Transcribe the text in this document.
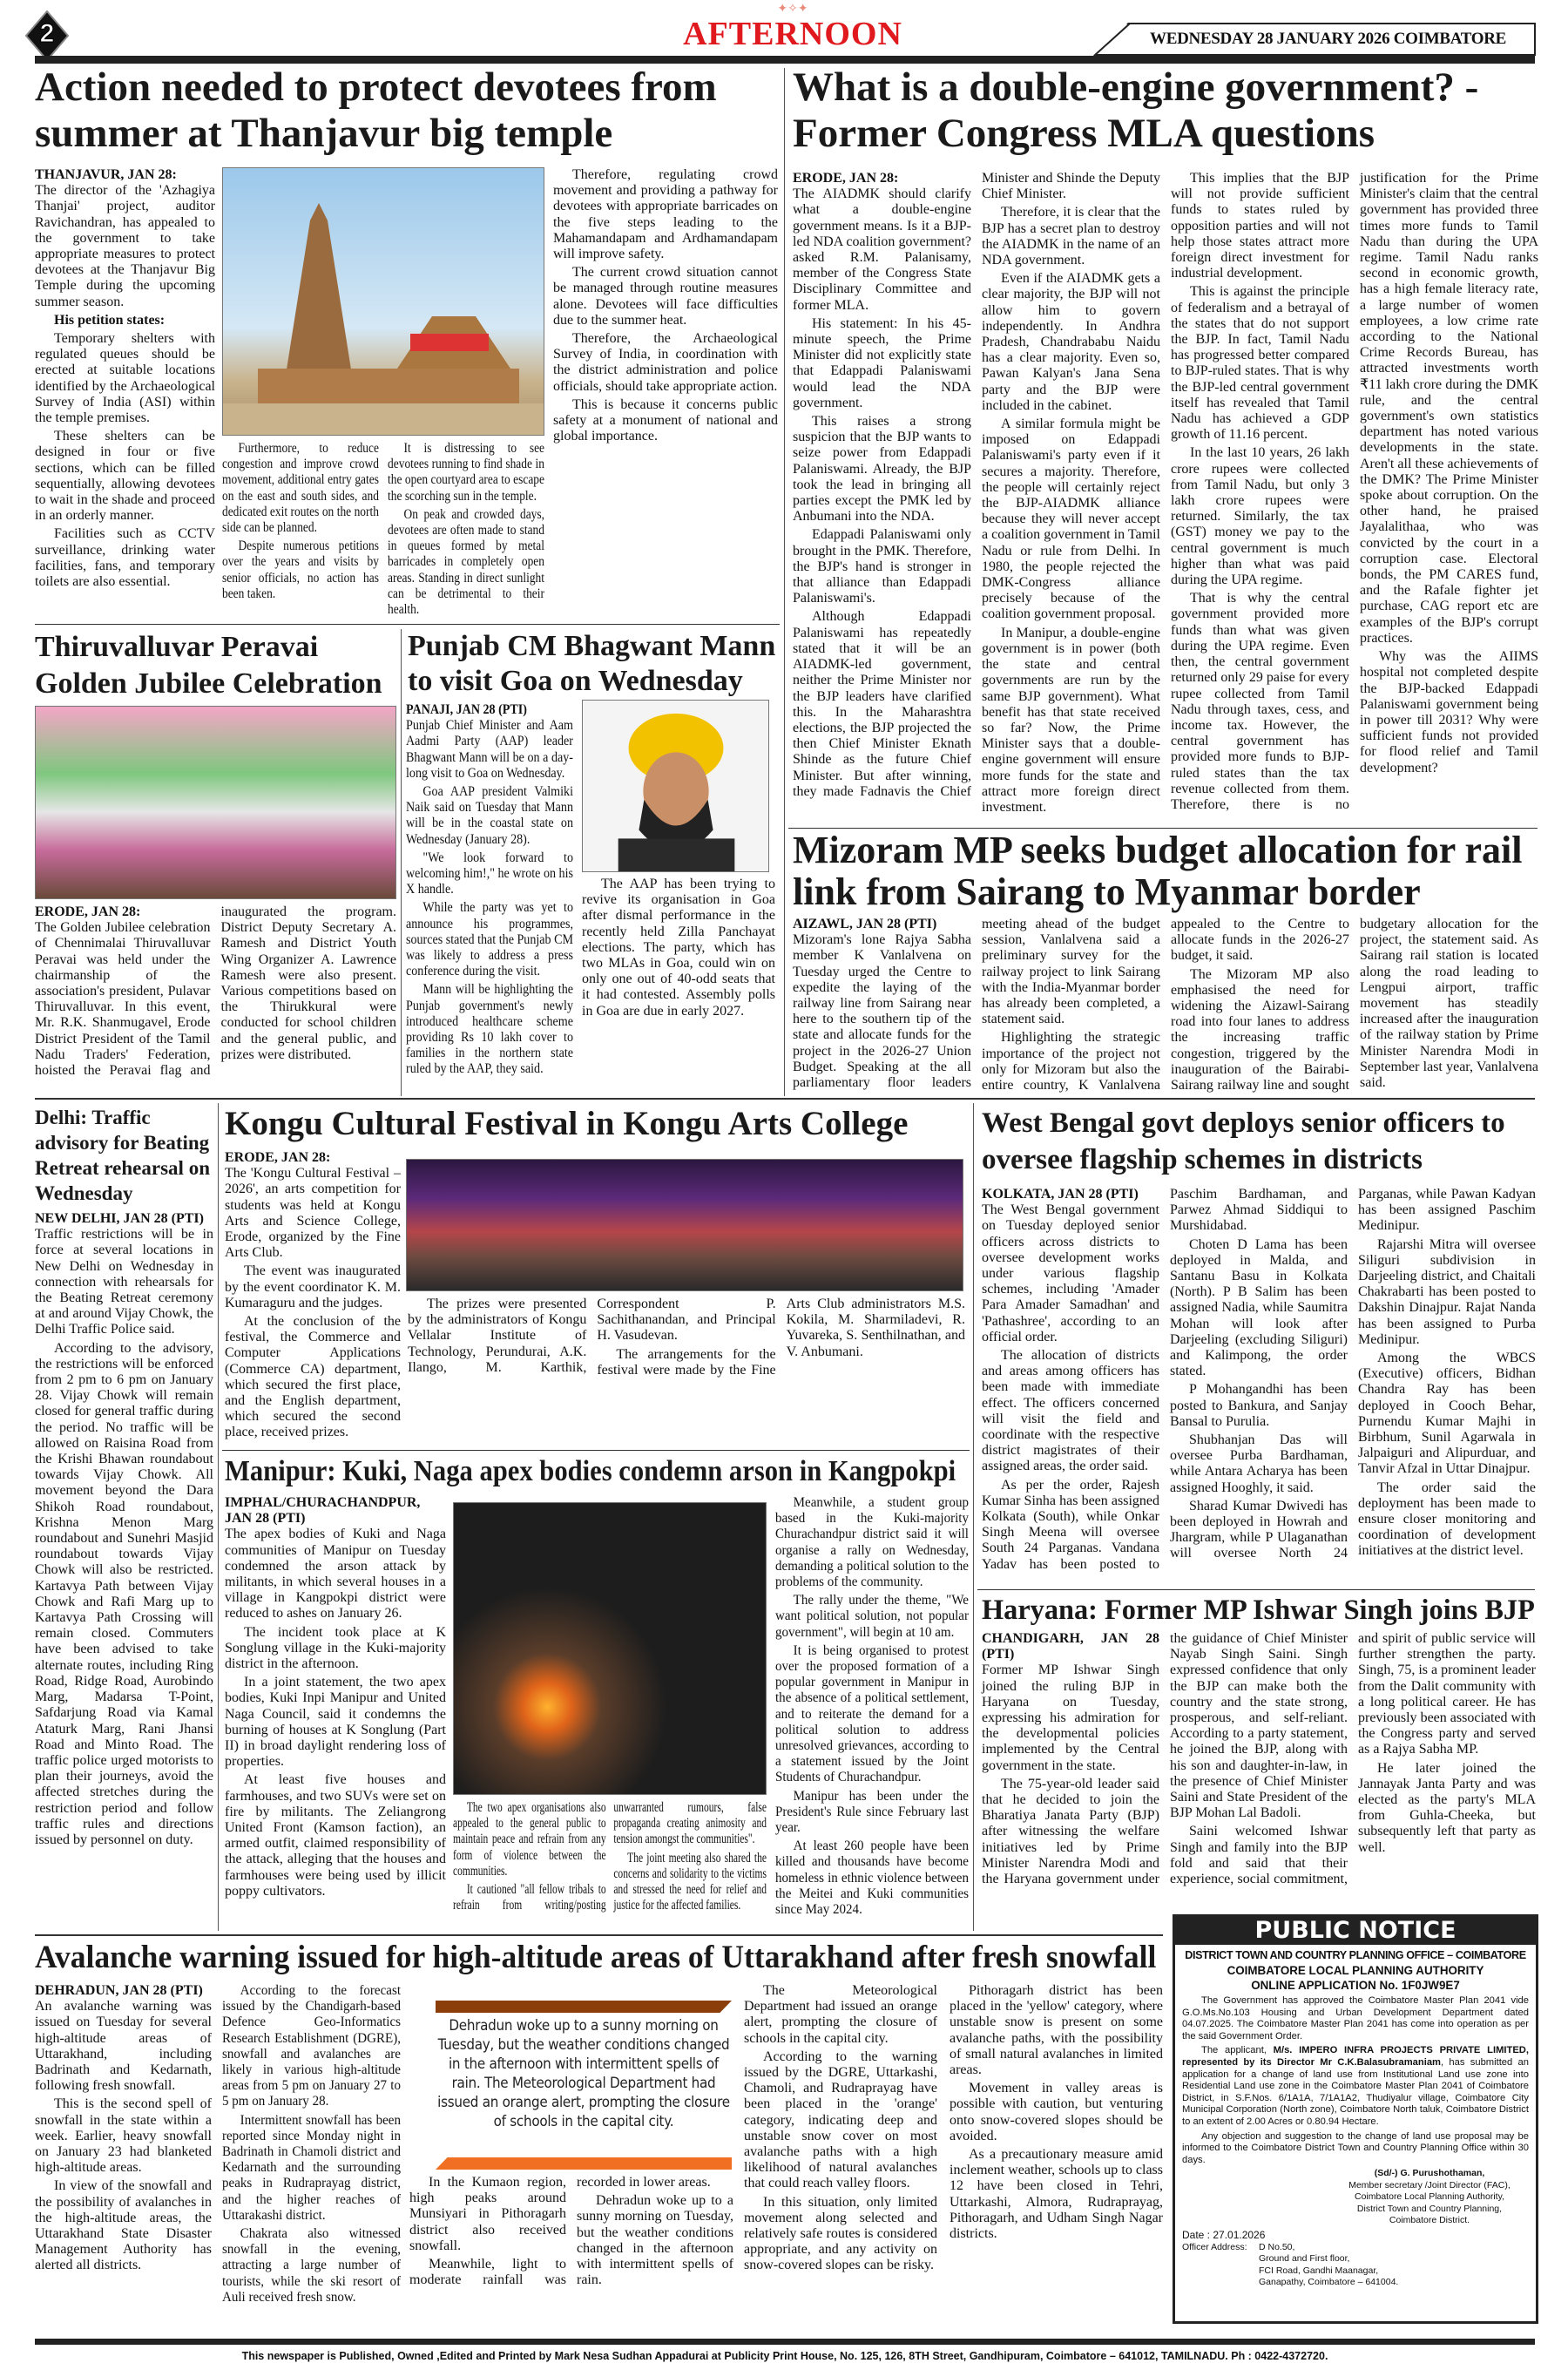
2
✦✧✦
AFTERNOON	WEDNESDAY 28 JANUARY 2026 COIMBATORE
Action needed to protect devotees from summer at Thanjavur big temple
What is a double-engine government? - Former Congress MLA questions
Thiruvalluvar Peravai Golden Jubilee Celebration
Punjab CM Bhagwant Mann to visit Goa on Wednesday
Mizoram MP seeks budget allocation for rail link from Sairang to Myanmar border
Delhi: Traffic advisory for Beating Retreat rehearsal on Wednesday
Kongu Cultural Festival in Kongu Arts College	West Bengal govt deploys senior officers to oversee flagship schemes in districts
Manipur: Kuki, Naga apex bodies condemn arson in Kangpokpi
Haryana: Former MP Ishwar Singh joins BJP
Avalanche warning issued for high-altitude areas of Uttarakhand after fresh snowfall
Dehradun woke up to a sunny morning on Tuesday, but the weather conditions changed in the afternoon with intermittent spells of rain. The Meteorological Department had issued an orange alert, prompting the closure of schools in the capital city.
PUBLIC NOTICE
DISTRICT TOWN AND COUNTRY PLANNING OFFICE – COIMBATORE
COIMBATORE LOCAL PLANNING AUTHORITY
ONLINE APPLICATION No. 1F0JW9E7

The Government has approved the Coimbatore Master Plan 2041 vide G.O.Ms.No.103 Housing and Urban Development Department dated 04.07.2025. The Coimbatore Master Plan 2041 has come into operation as per the said Government Order.

The applicant, M/s. IMPERO INFRA PROJECTS PRIVATE LIMITED, represented by its Director Mr C.K.Balasubramaniam, has submitted an application for a change of land use from Institutional Land use zone into Residential Land use zone in the Coimbatore Master Plan 2041 of Coimbatore District, in S.F.Nos. 6/1A1A, 7/1A1A2, Thudiyalur village, Coimbatore City Municipal Corporation (North zone), Coimbatore North taluk, Coimbatore District to an extent of 2.00 Acres or 0.80.94 Hectare.

Any objection and suggestion to the change of land use proposal may be informed to the Coimbatore District Town and Country Planning Office within 30 days.

(Sd/-) G. Purushothaman,
Member secretary /Joint Director (FAC),
Coimbatore Local Planning Authority,
District Town and Country Planning,
Coimbatore District.
Date : 27.01.2026
Officer Address:	D No.50,
Ground and First floor,
FCI Road, Gandhi Maanagar,
Ganapathy, Coimbatore – 641004.
This newspaper is Published, Owned ,Edited and Printed by Mark Nesa Sudhan Appadurai at Publicity Print House, No. 125, 126, 8TH Street, Gandhipuram, Coimbatore – 641012, TAMILNADU. Ph : 0422-4372720.

THANJAVUR, JAN 28:
The director of the 'Azhagiya Thanjai' project, auditor Ravichandran, has appealed to the government to take appropriate measures to protect devotees at the Thanjavur Big Temple during the upcoming summer season.

His petition states:

Temporary shelters with regulated queues should be erected at suitable locations identified by the Archaeological Survey of India (ASI) within the temple premises.

These shelters can be designed in four or five sections, which can be filled sequentially, allowing devotees to wait in the shade and proceed in an orderly manner.

Facilities such as CCTV surveillance, drinking water facilities, fans, and temporary toilets are also essential.

Furthermore, to reduce congestion and improve crowd movement, additional entry gates on the east and south sides, and dedicated exit routes on the north side can be planned.

Despite numerous petitions over the years and visits by senior officials, no action has been taken.

It is distressing to see devotees running to find shade in the open courtyard area to escape the scorching sun in the temple.

On peak and crowded days, devotees are often made to stand in queues formed by metal barricades in completely open areas. Standing in direct sunlight can be detrimental to their health.

Therefore, regulating crowd movement and providing a pathway for devotees with appropriate barricades on the five steps leading to the Mahamandapam and Ardhamandapam will improve safety.

The current crowd situation cannot be managed through routine measures alone. Devotees will face difficulties due to the summer heat.

Therefore, the Archaeological Survey of India, in coordination with the district administration and police officials, should take appropriate action.

This is because it concerns public safety at a monument of national and global importance.

ERODE, JAN 28:
The AIADMK should clarify what a double-engine government means. Is it a BJP-led NDA coalition government? asked R.M. Palanisamy, member of the Congress State Disciplinary Committee and former MLA.

His statement: In his 45-minute speech, the Prime Minister did not explicitly state that Edappadi Palaniswami would lead the NDA government.

This raises a strong suspicion that the BJP wants to seize power from Edappadi Palaniswami. Already, the BJP took the lead in bringing all parties except the PMK led by Anbumani into the NDA.

Edappadi Palaniswami only brought in the PMK. Therefore, the BJP's hand is stronger in that alliance than Edappadi Palaniswami's.

Although Edappadi Palaniswami has repeatedly stated that it will be an AIADMK-led government, neither the Prime Minister nor the BJP leaders have clarified this. In the Maharashtra elections, the BJP projected the then Chief Minister Eknath Shinde as the future Chief Minister. But after winning, they made Fadnavis the Chief Minister and Shinde the Deputy Chief Minister.

Therefore, it is clear that the BJP has a secret plan to destroy the AIADMK in the name of an NDA government.

Even if the AIADMK gets a clear majority, the BJP will not allow him to govern independently. In Andhra Pradesh, Chandrababu Naidu has a clear majority. Even so, Pawan Kalyan's Jana Sena party and the BJP were included in the cabinet.

A similar formula might be imposed on Edappadi Palaniswami's party even if it secures a majority. Therefore, the people will certainly reject the BJP-AIADMK alliance because they will never accept a coalition government in Tamil Nadu or rule from Delhi. In 1980, the people rejected the DMK-Congress alliance precisely because of the coalition government proposal.

In Manipur, a double-engine government is in power (both the state and central governments are run by the same BJP government). What benefit has that state received so far? Now, the Prime Minister says that a double-engine government will ensure more funds for the state and attract more foreign direct investment.

This implies that the BJP will not provide sufficient funds to states ruled by opposition parties and will not help those states attract more foreign direct investment for industrial development.

This is against the principle of federalism and a betrayal of the states that do not support the BJP. In fact, Tamil Nadu has progressed better compared to BJP-ruled states. That is why the BJP-led central government itself has revealed that Tamil Nadu has achieved a GDP growth of 11.16 percent.

In the last 10 years, 26 lakh crore rupees were collected from Tamil Nadu, but only 3 lakh crore rupees were returned. Similarly, the tax (GST) money we pay to the central government is much higher than what was paid during the UPA regime.

That is why the central government provided more funds than what was given during the UPA regime. Even then, the central government returned only 29 paise for every rupee collected from Tamil Nadu through taxes, cess, and income tax. However, the central government has provided more funds to BJP-ruled states than the tax revenue collected from them. Therefore, there is no justification for the Prime Minister's claim that the central government has provided three times more funds to Tamil Nadu than during the UPA regime. Tamil Nadu ranks second in economic growth, has a high female literacy rate, a large number of women employees, a low crime rate according to the National Crime Records Bureau, has attracted investments worth ₹11 lakh crore during the DMK rule, and the central government's own statistics department has noted various developments in the state. Aren't all these achievements of the DMK? The Prime Minister spoke about corruption. On the other hand, he praised Jayalalithaa, who was convicted by the court in a corruption case. Electoral bonds, the PM CARES fund, and the Rafale fighter jet purchase, CAG report etc are examples of the BJP's corrupt practices.

Why was the AIIMS hospital not completed despite the BJP-backed Edappadi Palaniswami government being in power till 2031? Why were sufficient funds not provided for flood relief and Tamil development?

ERODE, JAN 28:
The Golden Jubilee celebration of Chennimalai Thiruvalluvar Peravai was held under the chairmanship of the association's president, Pulavar Thiruvalluvar. In this event, Mr. R.K. Shanmugavel, Erode District President of the Tamil Nadu Traders' Federation, hoisted the Peravai flag and inaugurated the program. District Deputy Secretary A. Ramesh and District Youth Wing Organizer A. Lawrence Ramesh were also present. Various competitions based on the Thirukkural were conducted for school children and the general public, and prizes were distributed.

PANAJI, JAN 28 (PTI)
Punjab Chief Minister and Aam Aadmi Party (AAP) leader Bhagwant Mann will be on a day-long visit to Goa on Wednesday.

Goa AAP president Valmiki Naik said on Tuesday that Mann will be in the coastal state on Wednesday (January 28).

"We look forward to welcoming him!," he wrote on his X handle.

While the party was yet to announce his programmes, sources stated that the Punjab CM was likely to address a press conference during the visit.

Mann will be highlighting the Punjab government's newly introduced healthcare scheme providing Rs 10 lakh cover to families in the northern state ruled by the AAP, they said.

The AAP has been trying to revive its organisation in Goa after dismal performance in the recently held Zilla Panchayat elections. The party, which has two MLAs in Goa, could win on only one out of 40-odd seats that it had contested. Assembly polls in Goa are due in early 2027.

AIZAWL, JAN 28 (PTI)
Mizoram's lone Rajya Sabha member K Vanlalvena on Tuesday urged the Centre to expedite the laying of the railway line from Sairang near here to the southern tip of the state and allocate funds for the project in the 2026-27 Union Budget. Speaking at the all parliamentary floor leaders meeting ahead of the budget session, Vanlalvena said a preliminary survey for the railway project to link Sairang with the India-Myanmar border has already been completed, a statement said.

Highlighting the strategic importance of the project not only for Mizoram but also the entire country, K Vanlalvena appealed to the Centre to allocate funds in the 2026-27 budget, it said.

The Mizoram MP also emphasised the need for widening the Aizawl-Sairang road into four lanes to address the increasing traffic congestion, triggered by the inauguration of the Bairabi-Sairang railway line and sought budgetary allocation for the project, the statement said. As Sairang rail station is located along the road leading to Lengpui airport, traffic movement has steadily increased after the inauguration of the railway station by Prime Minister Narendra Modi in September last year, Vanlalvena said.

NEW DELHI, JAN 28 (PTI)
Traffic restrictions will be in force at several locations in New Delhi on Wednesday in connection with rehearsals for the Beating Retreat ceremony at and around Vijay Chowk, the Delhi Traffic Police said.

According to the advisory, the restrictions will be enforced from 2 pm to 6 pm on January 28. Vijay Chowk will remain closed for general traffic during the period. No traffic will be allowed on Raisina Road from the Krishi Bhawan roundabout towards Vijay Chowk. All movement beyond the Dara Shikoh Road roundabout, Krishna Menon Marg roundabout and Sunehri Masjid roundabout towards Vijay Chowk will also be restricted. Kartavya Path between Vijay Chowk and Rafi Marg up to Kartavya Path Crossing will remain closed. Commuters have been advised to take alternate routes, including Ring Road, Ridge Road, Aurobindo Marg, Madarsa T-Point, Safdarjung Road via Kamal Ataturk Marg, Rani Jhansi Road and Minto Road. The traffic police urged motorists to plan their journeys, avoid the affected stretches during the restriction period and follow traffic rules and directions issued by personnel on duty.

ERODE, JAN 28:
The 'Kongu Cultural Festival – 2026', an arts competition for students was held at Kongu Arts and Science College, Erode, organized by the Fine Arts Club.

The event was inaugurated by the event coordinator K. M. Kumaraguru and the judges.

At the conclusion of the festival, the Commerce and Computer Applications (Commerce CA) department, which secured the first place, and the English department, which secured the second place, received prizes.

The prizes were presented by the administrators of Kongu Vellalar Institute of Technology, Perundurai, A.K. Ilango, M. Karthik, Correspondent P. Sachithanandan, and Principal H. Vasudevan.

The arrangements for the festival were made by the Fine Arts Club administrators M.S. Kokila, M. Sharmiladevi, R. Yuvareka, S. Senthilnathan, and V. Anbumani.

KOLKATA, JAN 28 (PTI)
The West Bengal government on Tuesday deployed senior officers across districts to oversee development works under various flagship schemes, including 'Amader Para Amader Samadhan' and 'Pathashree', according to an official order.

The allocation of districts and areas among officers has been made with immediate effect. The officers concerned will visit the field and coordinate with the respective district magistrates of their assigned areas, the order said.

As per the order, Rajesh Kumar Sinha has been assigned Kolkata (South), while Onkar Singh Meena will oversee South 24 Parganas. Vandana Yadav has been posted to Paschim Bardhaman, and Parwez Ahmad Siddiqui to Murshidabad.

Choten D Lama has been deployed in Malda, and Santanu Basu in Kolkata (North). P B Salim has been assigned Nadia, while Saumitra Mohan will look after Darjeeling (excluding Siliguri) and Kalimpong, the order stated.

P Mohangandhi has been posted to Bankura, and Sanjay Bansal to Purulia.

Shubhanjan Das will oversee Purba Bardhaman, while Antara Acharya has been assigned Hooghly, it said.

Sharad Kumar Dwivedi has been deployed in Howrah and Jhargram, while P Ulaganathan will oversee North 24 Parganas, while Pawan Kadyan has been assigned Paschim Medinipur.

Rajarshi Mitra will oversee Siliguri subdivision in Darjeeling district, and Chaitali Chakrabarti has been posted to Dakshin Dinajpur. Rajat Nanda has been assigned to Purba Medinipur.

Among the WBCS (Executive) officers, Bidhan Chandra Ray has been deployed in Cooch Behar, Purnendu Kumar Majhi in Birbhum, Sunil Agarwala in Jalpaiguri and Alipurduar, and Tanvir Afzal in Uttar Dinajpur.

The order said the deployment has been made to ensure closer monitoring and coordination of development initiatives at the district level.

IMPHAL/CHURACHANDPUR, JAN 28 (PTI)
The apex bodies of Kuki and Naga communities of Manipur on Tuesday condemned the arson attack by militants, in which several houses in a village in Kangpokpi district were reduced to ashes on January 26.

The incident took place at K Songlung village in the Kuki-majority district in the afternoon.

In a joint statement, the two apex bodies, Kuki Inpi Manipur and United Naga Council, said it condemns the burning of houses at K Songlung (Part II) in broad daylight rendering loss of properties.

At least five houses and farmhouses, and two SUVs were set on fire by militants. The Zeliangrong United Front (Kamson faction), an armed outfit, claimed responsibility of the attack, alleging that the houses and farmhouses were being used by illicit poppy cultivators.

The two apex organisations also appealed to the general public to maintain peace and refrain from any form of violence between the communities.

It cautioned "all fellow tribals to refrain from writing/posting unwarranted rumours, false propaganda creating animosity and tension amongst the communities".

The joint meeting also shared the concerns and solidarity to the victims and stressed the need for relief and justice for the affected families.

Meanwhile, a student group based in the Kuki-majority Churachandpur district said it will organise a rally on Wednesday, demanding a political solution to the problems of the community.

The rally under the theme, "We want political solution, not popular government", will begin at 10 am.

It is being organised to protest over the proposed formation of a popular government in Manipur in the absence of a political settlement, and to reiterate the demand for a political solution to address unresolved grievances, according to a statement issued by the Joint Students of Churachandpur.

Manipur has been under the President's Rule since February last year.

At least 260 people have been killed and thousands have become homeless in ethnic violence between the Meitei and Kuki communities since May 2024.

CHANDIGARH, JAN 28 (PTI)
Former MP Ishwar Singh joined the ruling BJP in Haryana on Tuesday, expressing his admiration for the developmental policies implemented by the Central government in the state.

The 75-year-old leader said that he decided to join the Bharatiya Janata Party (BJP) after witnessing the welfare initiatives led by Prime Minister Narendra Modi and the Haryana government under the guidance of Chief Minister Nayab Singh Saini. Singh expressed confidence that only the BJP can make both the country and the state strong, prosperous, and self-reliant. According to a party statement, he joined the BJP, along with his son and daughter-in-law, in the presence of Chief Minister Saini and State President of the BJP Mohan Lal Badoli.

Saini welcomed Ishwar Singh and family into the BJP fold and said that their experience, social commitment, and spirit of public service will further strengthen the party. Singh, 75, is a prominent leader from the Dalit community with a long political career. He has previously been associated with the Congress party and served as a Rajya Sabha MP.

He later joined the Jannayak Janta Party and was elected as the party's MLA from Guhla-Cheeka, but subsequently left that party as well.

DEHRADUN, JAN 28 (PTI)
An avalanche warning was issued on Tuesday for several high-altitude areas of Uttarakhand, including Badrinath and Kedarnath, following fresh snowfall.

This is the second spell of snowfall in the state within a week. Earlier, heavy snowfall on January 23 had blanketed high-altitude areas.

In view of the snowfall and the possibility of avalanches in the high-altitude areas, the Uttarakhand State Disaster Management Authority has alerted all districts.

According to the forecast issued by the Chandigarh-based Defence Geo-Informatics Research Establishment (DGRE), snowfall and avalanches are likely in various high-altitude areas from 5 pm on January 27 to 5 pm on January 28.

Intermittent snowfall has been reported since Monday night in Badrinath in Chamoli district and Kedarnath and the surrounding peaks in Rudraprayag district, and the higher reaches of Uttarakashi district.

Chakrata also witnessed snowfall in the evening, attracting a large number of tourists, while the ski resort of Auli received fresh snow.

In the Kumaon region, high peaks around Munsiyari in Pithoragarh district also received snowfall.

Meanwhile, light to moderate rainfall was recorded in lower areas.

Dehradun woke up to a sunny morning on Tuesday, but the weather conditions changed in the afternoon with intermittent spells of rain.

The Meteorological Department had issued an orange alert, prompting the closure of schools in the capital city.

According to the warning issued by the DGRE, Uttarkashi, Chamoli, and Rudraprayag have been placed in the 'orange' category, indicating deep and unstable snow cover on most avalanche paths with a high likelihood of natural avalanches that could reach valley floors.

In this situation, only limited movement along selected and relatively safe routes is considered appropriate, and any activity on snow-covered slopes can be risky.

Pithoragarh district has been placed in the 'yellow' category, where unstable snow is present on some avalanche paths, with the possibility of small natural avalanches in limited areas.

Movement in valley areas is possible with caution, but venturing onto snow-covered slopes should be avoided.

As a precautionary measure amid inclement weather, schools up to class 12 have been closed in Tehri, Uttarkashi, Almora, Rudraprayag, Pithoragarh, and Udham Singh Nagar districts.
